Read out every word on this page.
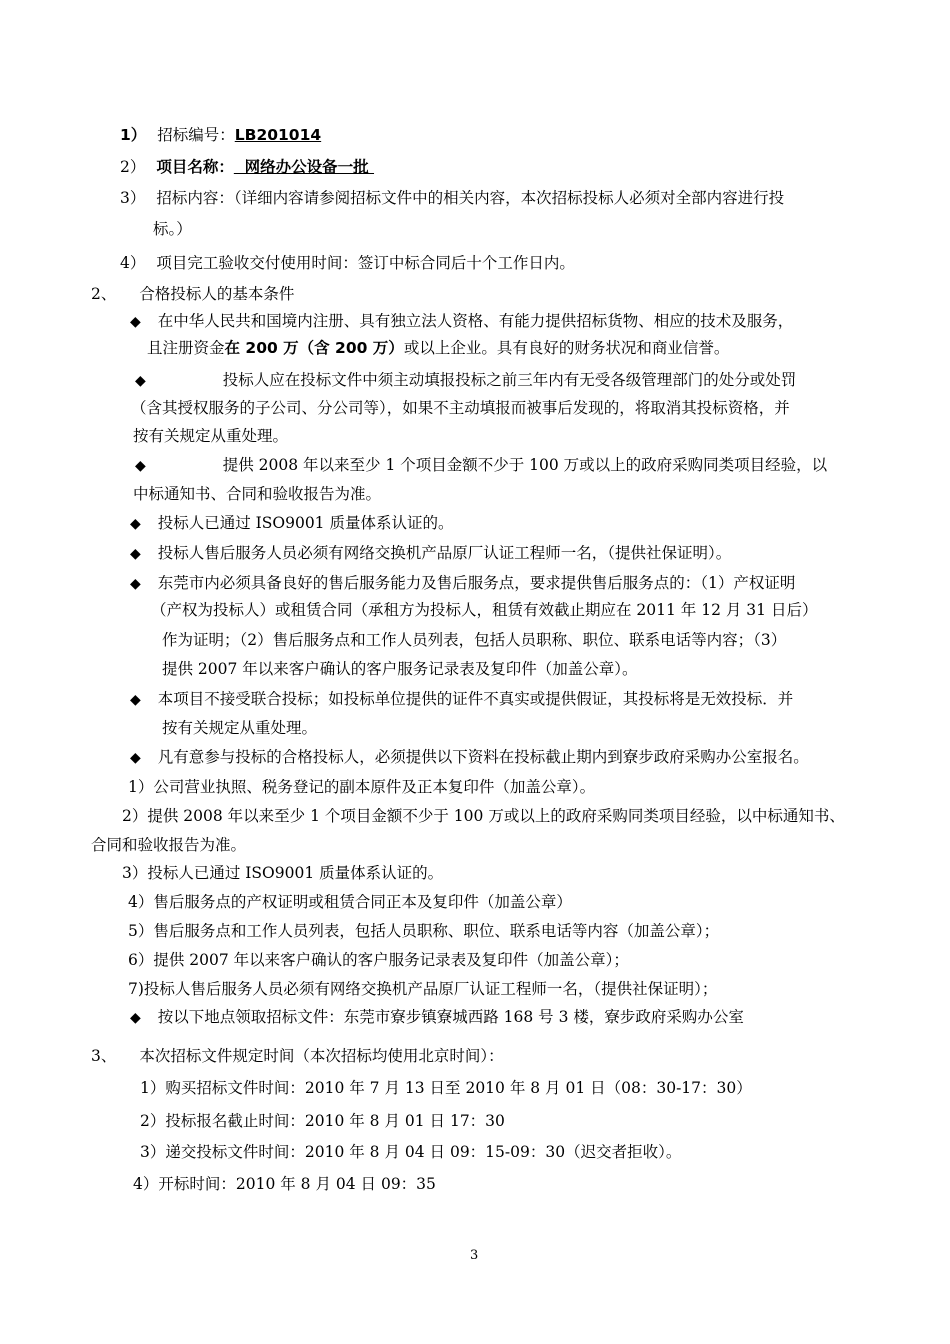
1） 招标编号：LB201014
2） 项目名称：  网络办公设备一批
3） 招标内容：（详细内容请参阅招标文件中的相关内容，本次招标投标人必须对全部内容进行投
标。）
4） 项目完工验收交付使用时间：签订中标合同后十个工作日内。
2、 合格投标人的基本条件
◆ 在中华人民共和国境内注册、具有独立法人资格、有能力提供招标货物、相应的技术及服务，
且注册资金在 200 万（含 200 万）或以上企业。具有良好的财务状况和商业信誉。
◆	投标人应在投标文件中须主动填报投标之前三年内有无受各级管理部门的处分或处罚
（含其授权服务的子公司、分公司等），如果不主动填报而被事后发现的，将取消其投标资格，并
按有关规定从重处理。
◆	提供 2008 年以来至少 1 个项目金额不少于 100 万或以上的政府采购同类项目经验，以
中标通知书、合同和验收报告为准。
◆ 投标人已通过 ISO9001 质量体系认证的。
◆ 投标人售后服务人员必须有网络交换机产品原厂认证工程师一名，（提供社保证明）。
◆ 东莞市内必须具备良好的售后服务能力及售后服务点，要求提供售后服务点的：（1）产权证明
（产权为投标人）或租赁合同（承租方为投标人，租赁有效截止期应在 2011 年 12 月 31 日后）
作为证明；（2）售后服务点和工作人员列表，包括人员职称、职位、联系电话等内容；（3）
提供 2007 年以来客户确认的客户服务记录表及复印件（加盖公章）。
◆ 本项目不接受联合投标；如投标单位提供的证件不真实或提供假证，其投标将是无效投标．并
按有关规定从重处理。
◆ 凡有意参与投标的合格投标人，必须提供以下资料在投标截止期内到寮步政府采购办公室报名。
1）公司营业执照、税务登记的副本原件及正本复印件（加盖公章）。
2）提供 2008 年以来至少 1 个项目金额不少于 100 万或以上的政府采购同类项目经验，以中标通知书、
合同和验收报告为准。
3）投标人已通过 ISO9001 质量体系认证的。
4）售后服务点的产权证明或租赁合同正本及复印件（加盖公章）
5）售后服务点和工作人员列表，包括人员职称、职位、联系电话等内容（加盖公章）；
6）提供 2007 年以来客户确认的客户服务记录表及复印件（加盖公章）；
7)投标人售后服务人员必须有网络交换机产品原厂认证工程师一名，（提供社保证明）；
◆ 按以下地点领取招标文件：东莞市寮步镇寮城西路 168 号 3 楼，寮步政府采购办公室
3、 本次招标文件规定时间（本次招标均使用北京时间）：
1）购买招标文件时间：2010 年 7 月 13 日至 2010 年 8 月 01 日（08：30-17：30）
2）投标报名截止时间：2010 年 8 月 01 日 17：30
3）递交投标文件时间：2010 年 8 月 04 日 09：15-09：30（迟交者拒收）。
4）开标时间：2010 年 8 月 04 日 09：35
3
